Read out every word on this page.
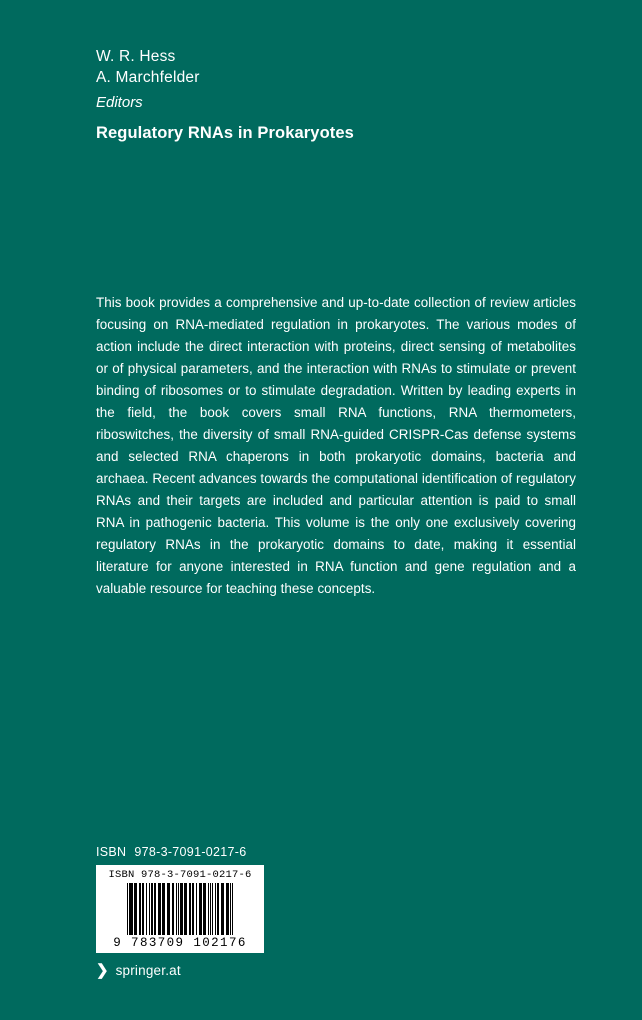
W. R. Hess
A. Marchfelder
Editors
Regulatory RNAs in Prokaryotes
This book provides a comprehensive and up-to-date collection of review articles focusing on RNA-mediated regulation in prokaryotes. The various modes of action include the direct interaction with proteins, direct sensing of metabolites or of physical parameters, and the interaction with RNAs to stimulate or prevent binding of ribosomes or to stimulate degradation. Written by leading experts in the field, the book covers small RNA functions, RNA thermometers, riboswitches, the diversity of small RNA-guided CRISPR-Cas defense systems and selected RNA chaperons in both prokaryotic domains, bacteria and archaea. Recent advances towards the computational identification of regulatory RNAs and their targets are included and particular attention is paid to small RNA in pathogenic bacteria. This volume is the only one exclusively covering regulatory RNAs in the prokaryotic domains to date, making it essential literature for anyone interested in RNA function and gene regulation and a valuable resource for teaching these concepts.
ISBN 978-3-7091-0217-6
ISBN 978-3-7091-0217-6
9 783709 102176
❯ springer.at
